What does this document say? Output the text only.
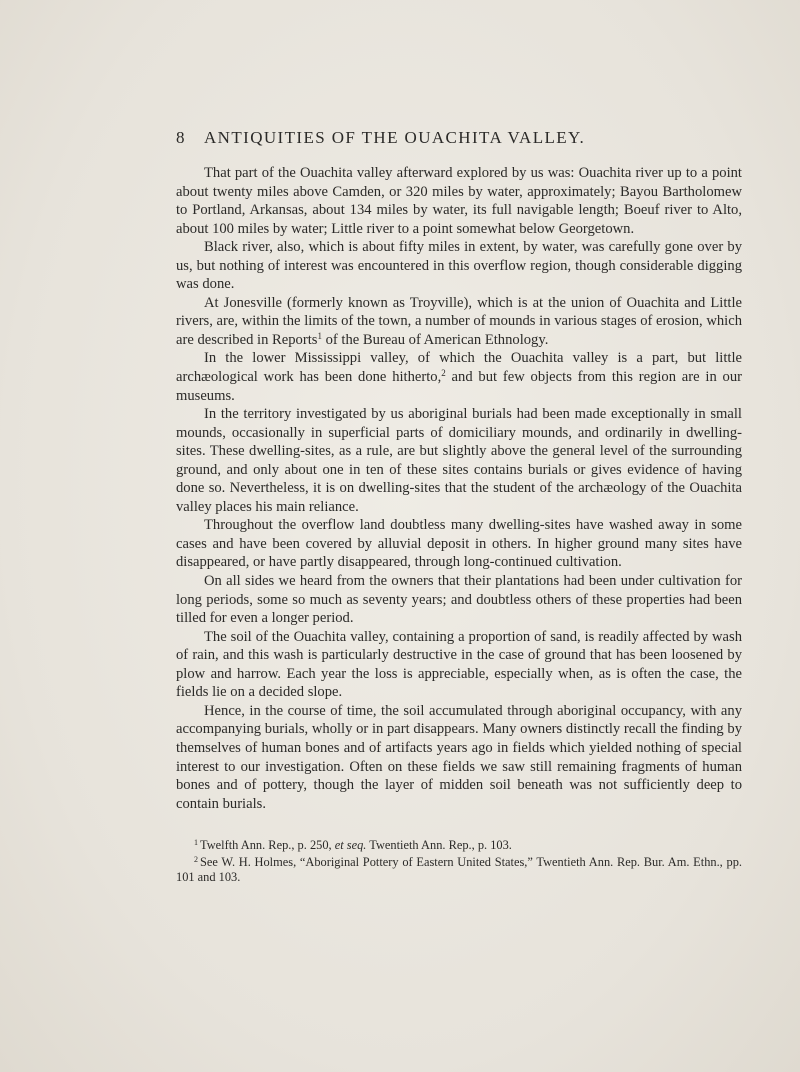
8 ANTIQUITIES OF THE OUACHITA VALLEY.

That part of the Ouachita valley afterward explored by us was: Ouachita river up to a point about twenty miles above Camden, or 320 miles by water, approximately; Bayou Bartholomew to Portland, Arkansas, about 134 miles by water, its full navigable length; Boeuf river to Alto, about 100 miles by water; Little river to a point somewhat below Georgetown.

Black river, also, which is about fifty miles in extent, by water, was carefully gone over by us, but nothing of interest was encountered in this overflow region, though considerable digging was done.

At Jonesville (formerly known as Troyville), which is at the union of Ouachita and Little rivers, are, within the limits of the town, a number of mounds in various stages of erosion, which are described in Reports$^1$ of the Bureau of American Ethnology.

In the lower Mississippi valley, of which the Ouachita valley is a part, but little archæological work has been done hitherto,$^2$ and but few objects from this region are in our museums.

In the territory investigated by us aboriginal burials had been made exceptionally in small mounds, occasionally in superficial parts of domiciliary mounds, and ordinarily in dwelling-sites. These dwelling-sites, as a rule, are but slightly above the general level of the surrounding ground, and only about one in ten of these sites contains burials or gives evidence of having done so. Nevertheless, it is on dwelling-sites that the student of the archæology of the Ouachita valley places his main reliance.

Throughout the overflow land doubtless many dwelling-sites have washed away in some cases and have been covered by alluvial deposit in others. In higher ground many sites have disappeared, or have partly disappeared, through long-continued cultivation.

On all sides we heard from the owners that their plantations had been under cultivation for long periods, some so much as seventy years; and doubtless others of these properties had been tilled for even a longer period.

The soil of the Ouachita valley, containing a proportion of sand, is readily affected by wash of rain, and this wash is particularly destructive in the case of ground that has been loosened by plow and harrow. Each year the loss is appreciable, especially when, as is often the case, the fields lie on a decided slope.

Hence, in the course of time, the soil accumulated through aboriginal occupancy, with any accompanying burials, wholly or in part disappears. Many owners distinctly recall the finding by themselves of human bones and of artifacts years ago in fields which yielded nothing of special interest to our investigation. Often on these fields we saw still remaining fragments of human bones and of pottery, though the layer of midden soil beneath was not sufficiently deep to contain burials.

$^1$ Twelfth Ann. Rep., p. 250, et seq. Twentieth Ann. Rep., p. 103.

$^2$ See W. H. Holmes, “Aboriginal Pottery of Eastern United States,” Twentieth Ann. Rep. Bur. Am. Ethn., pp. 101 and 103.
